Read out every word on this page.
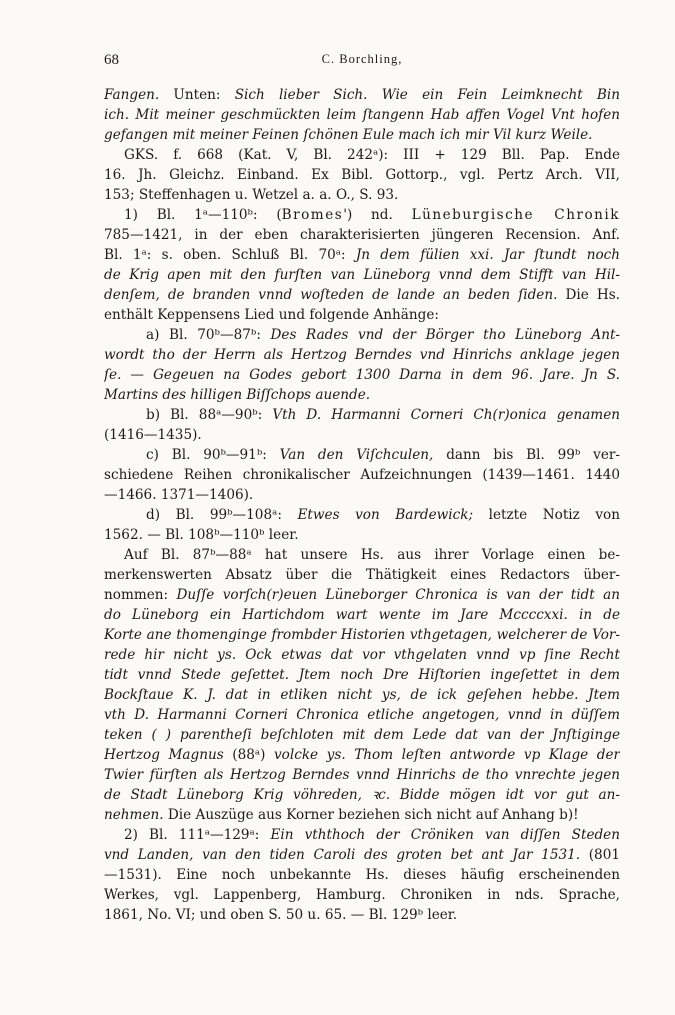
68	C. Borchling,
Fangen. Unten: Sich lieber Sich. Wie ein Fein Leimknecht Bin
ich. Mit meiner geschmückten leim ſtangenn Hab affen Vogel Vnt hofen
gefangen mit meiner Feinen ſchönen Eule mach ich mir Vil kurz Weile.
GKS. f. 668 (Kat. V, Bl. 242ᵃ): III + 129 Bll. Pap. Ende
16. Jh. Gleichz. Einband. Ex Bibl. Gottorp., vgl. Pertz Arch. VII,
153; Steffenhagen u. Wetzel a. a. O., S. 93.
1) Bl. 1ᵃ—110ᵇ: (Bromes') nd. Lüneburgische Chronik
785—1421, in der eben charakterisierten jüngeren Recension. Anf.
Bl. 1ᵃ: s. oben. Schluß Bl. 70ᵃ: Jn dem fülien xxi. Jar ſtundt noch
de Krig apen mit den furſten van Lüneborg vnnd dem Stifft van Hil-
denſem, de branden vnnd woſteden de lande an beden ſiden. Die Hs.
enthält Keppensens Lied und folgende Anhänge:
a) Bl. 70ᵇ—87ᵇ: Des Rades vnd der Börger tho Lüneborg Ant-
wordt tho der Herrn als Hertzog Berndes vnd Hinrichs anklage jegen
ſe. — Gegeuen na Godes gebort 1300 Darna in dem 96. Jare. Jn S.
Martins des hilligen Biſſchops auende.
b) Bl. 88ᵃ—90ᵇ: Vth D. Harmanni Corneri Ch(r)onica genamen
(1416—1435).
c) Bl. 90ᵇ—91ᵇ: Van den Viſchculen, dann bis Bl. 99ᵇ ver-
schiedene Reihen chronikalischer Aufzeichnungen (1439—1461. 1440
—1466. 1371—1406).
d) Bl. 99ᵇ—108ᵃ: Etwes von Bardewick; letzte Notiz von
1562. — Bl. 108ᵇ—110ᵇ leer.
Auf Bl. 87ᵇ—88ᵃ hat unsere Hs. aus ihrer Vorlage einen be-
merkenswerten Absatz über die Thätigkeit eines Redactors über-
nommen: Duſſe vorſch(r)euen Lüneborger Chronica is van der tidt an
do Lüneborg ein Hartichdom wart wente im Jare Mccccxxi. in de
Korte ane thomenginge frombder Historien vthgetagen, welcherer de Vor-
rede hir nicht ys. Ock etwas dat vor vthgelaten vnnd vp ſine Recht
tidt vnnd Stede geſettet. Jtem noch Dre Hiſtorien ingeſettet in dem
Bockſtaue K. J. dat in etliken nicht ys, de ick geſehen hebbe. Jtem
vth D. Harmanni Corneri Chronica etliche angetogen, vnnd in düſſem
teken ( ) parentheſi beſchloten mit dem Lede dat van der Jnſtiginge
Hertzog Magnus (88ᵃ) volcke ys. Thom leſten antworde vp Klage der
Twier fürſten als Hertzog Berndes vnnd Hinrichs de tho vnrechte jegen
de Stadt Lüneborg Krig vöhreden, ꝛc. Bidde mögen idt vor gut an-
nehmen. Die Auszüge aus Korner beziehen sich nicht auf Anhang b)!
2) Bl. 111ᵃ—129ᵃ: Ein vththoch der Cröniken van diſſen Steden
vnd Landen, van den tiden Caroli des groten bet ant Jar 1531. (801
—1531). Eine noch unbekannte Hs. dieses häufig erscheinenden
Werkes, vgl. Lappenberg, Hamburg. Chroniken in nds. Sprache,
1861, No. VI; und oben S. 50 u. 65. — Bl. 129ᵇ leer.
